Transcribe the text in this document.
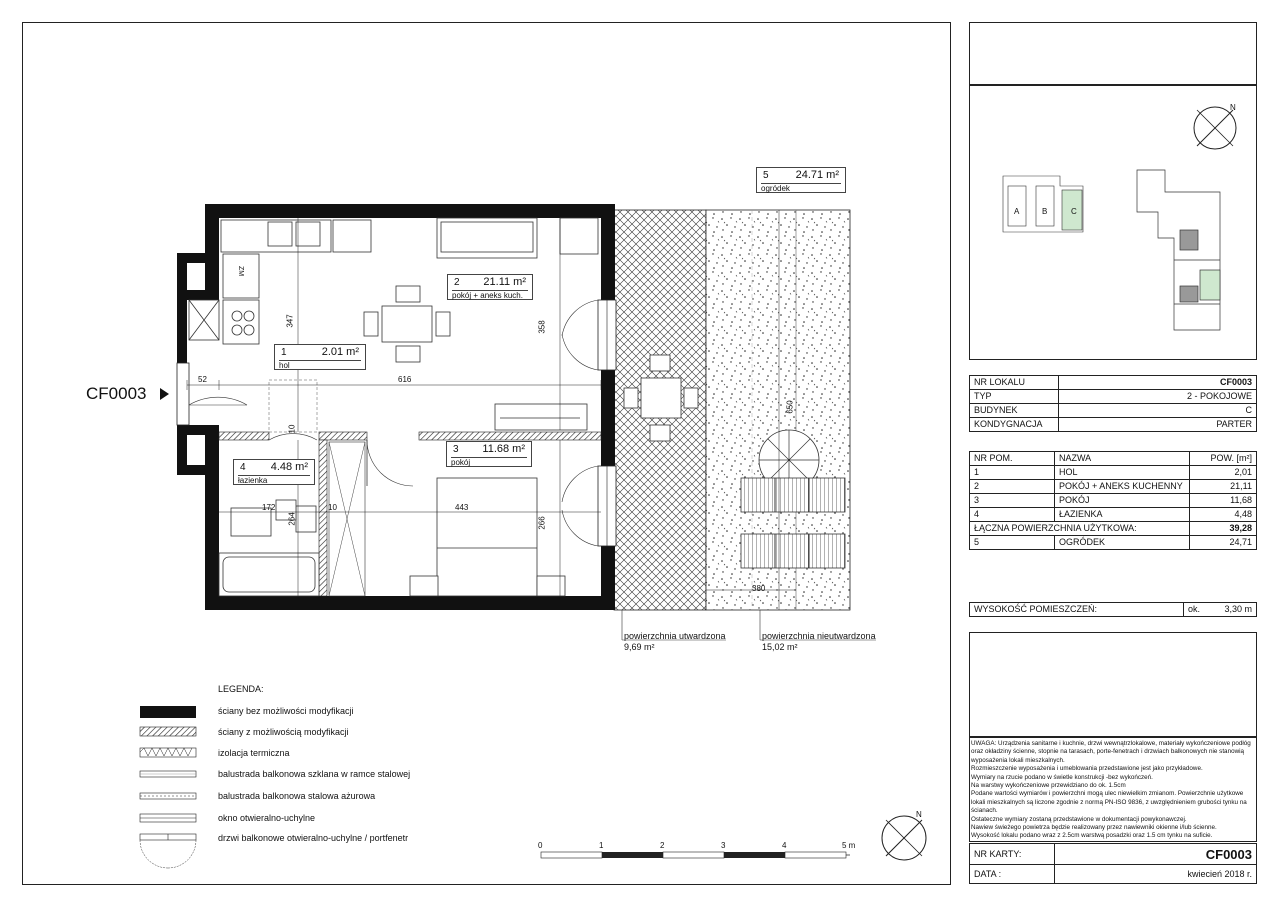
2 21.11 m²
pokój + aneks kuch.
1	2.01 m²
hol
3 11.68 m²
pokój
4 4.48 m²
łazienka
5 24.71 m²
ogródek
CF0003
52	616
347	358
10
172
264
10	443
266
650
380
ZM
powierzchnia utwardzona
9,69 m²
powierzchnia nieutwardzona
15,02 m²
LEGENDA:
ściany bez możliwości modyfikacji
ściany z możliwością modyfikacji
izolacja termiczna
balustrada balkonowa szklana w ramce stalowej
balustrada balkonowa stalowa ażurowa
okno otwieralno-uchylne
drzwi balkonowe otwieralno-uchylne / portfenetr
0	1	2	3	4	5 m
N
N
A	B	C
NR LOKALU	CF0003
TYP	2 - POKOJOWE
BUDYNEK	C
KONDYGNACJA	PARTER
NR POM.	NAZWA	POW. [m²]
1	HOL	2,01
2	POKÓJ + ANEKS KUCHENNY	21,11
3	POKÓJ	11,68
4	ŁAZIENKA	4,48
ŁĄCZNA POWIERZCHNIA UŻYTKOWA:		39,28
5	OGRÓDEK	24,71
WYSOKOŚĆ POMIESZCZEŃ:	ok.	3,30 m
UWAGA: Urządzenia sanitarne i kuchnie, drzwi wewnątrzlokalowe, materiały wykończeniowe podłóg oraz okładziny ścienne, stopnie na tarasach, porte-fenetrach i drzwiach balkonowych nie stanowią wyposażenia lokali mieszkalnych.
Rozmieszczenie wyposażenia i umeblowania przedstawione jest jako przykładowe.
Wymiary na rzucie podano w świetle konstrukcji -bez wykończeń.
Na warstwy wykończeniowe przewidziano do ok. 1.5cm
Podane wartości wymiarów i powierzchni mogą ulec niewielkim zmianom. Powierzchnie użytkowe lokali mieszkalnych są liczone zgodnie z normą PN-ISO 9836, z uwzględnieniem grubości tynku na ścianach.
Ostateczne wymiary zostaną przedstawione w dokumentacji powykonawczej.
Nawiew świeżego powietrza będzie realizowany przez nawiewniki okienne i/lub ścienne.
Wysokość lokalu podano wraz z 2.5cm warstwą posadzki oraz 1.5 cm tynku na suficie.
NR KARTY:	CF0003
DATA :	kwiecień 2018 r.
